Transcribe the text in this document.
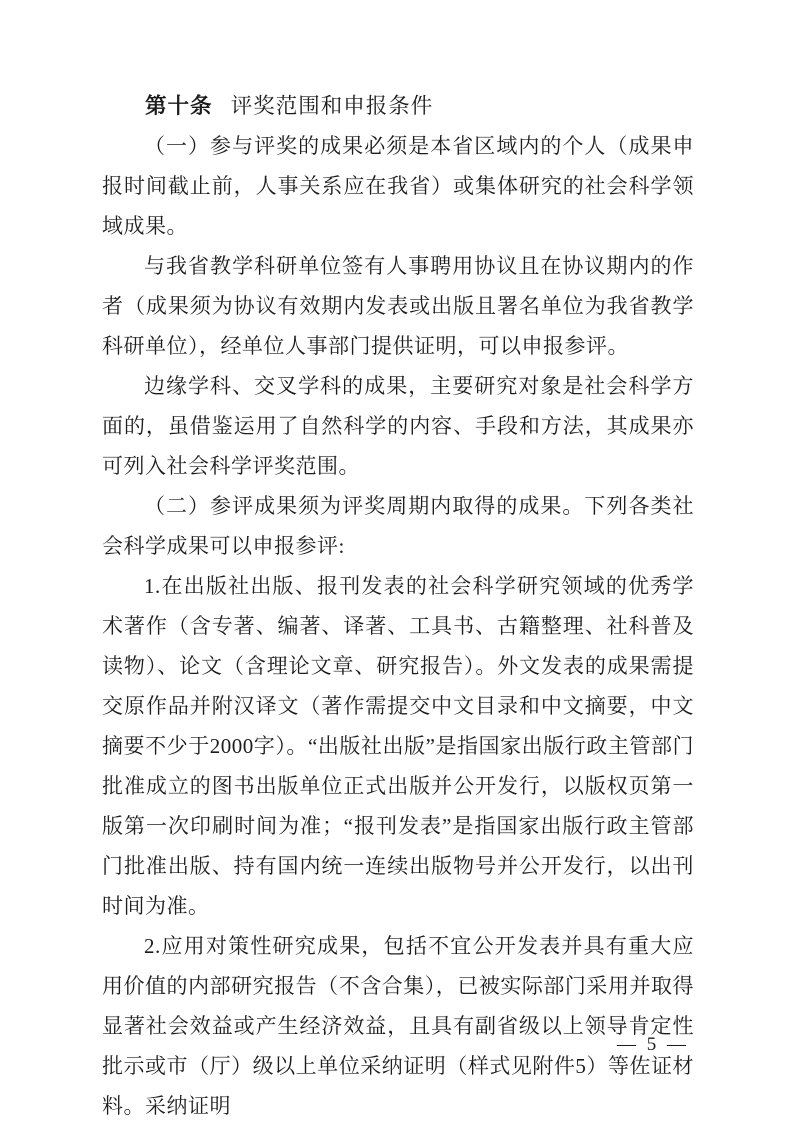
第十条 评奖范围和申报条件

（一）参与评奖的成果必须是本省区域内的个人（成果申报时间截止前，人事关系应在我省）或集体研究的社会科学领域成果。

与我省教学科研单位签有人事聘用协议且在协议期内的作者（成果须为协议有效期内发表或出版且署名单位为我省教学科研单位），经单位人事部门提供证明，可以申报参评。

边缘学科、交叉学科的成果，主要研究对象是社会科学方面的，虽借鉴运用了自然科学的内容、手段和方法，其成果亦可列入社会科学评奖范围。

（二）参评成果须为评奖周期内取得的成果。下列各类社会科学成果可以申报参评:

1.在出版社出版、报刊发表的社会科学研究领域的优秀学术著作（含专著、编著、译著、工具书、古籍整理、社科普及读物）、论文（含理论文章、研究报告）。外文发表的成果需提交原作品并附汉译文（著作需提交中文目录和中文摘要，中文摘要不少于2000字）。“出版社出版”是指国家出版行政主管部门批准成立的图书出版单位正式出版并公开发行，以版权页第一版第一次印刷时间为准；“报刊发表”是指国家出版行政主管部门批准出版、持有国内统一连续出版物号并公开发行，以出刊时间为准。

2.应用对策性研究成果，包括不宜公开发表并具有重大应用价值的内部研究报告（不含合集），已被实际部门采用并取得显著社会效益或产生经济效益，且具有副省级以上领导肯定性批示或市（厅）级以上单位采纳证明（样式见附件5）等佐证材料。采纳证明

— 5 —
